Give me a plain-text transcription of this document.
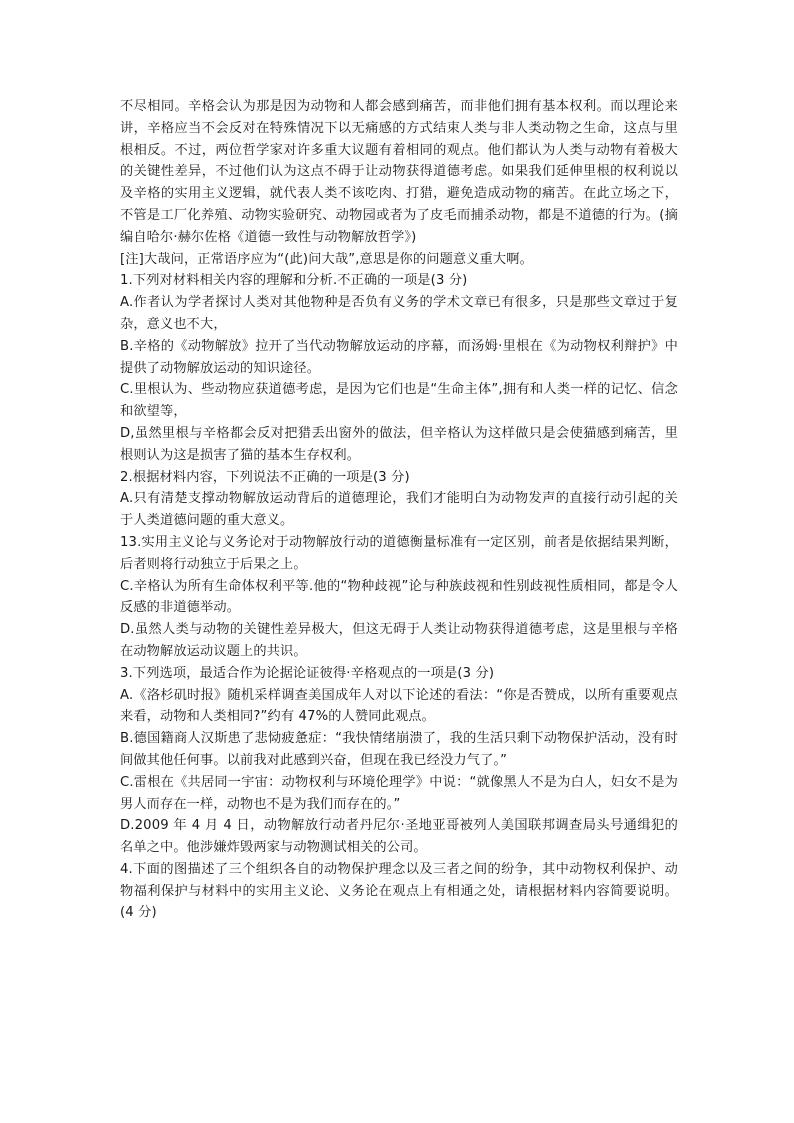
不尽相同。辛格会认为那是因为动物和人都会感到痛苦，而非他们拥有基本权利。而以理论来讲，辛格应当不会反对在特殊情况下以无痛感的方式结束人类与非人类动物之生命，这点与里根相反。不过，两位哲学家对许多重大议题有着相同的观点。他们都认为人类与动物有着极大的关键性差异，不过他们认为这点不碍于让动物获得道德考虑。如果我们延伸里根的权利说以及辛格的实用主义逻辑，就代表人类不该吃肉、打猎，避免造成动物的痛苦。在此立场之下，不管是工厂化养殖、动物实验研究、动物园或者为了皮毛而捕杀动物，都是不道德的行为。(摘编自哈尔·赫尔佐格《道德一致性与动物解放哲学》)

[注]大哉问，正常语序应为“(此)问大哉”,意思是你的问题意义重大啊。

1.下列对材料相关内容的理解和分析.不正确的一项是(3 分)

A.作者认为学者探讨人类对其他物种是否负有义务的学术文章已有很多，只是那些文章过于复杂，意义也不大，

B.辛格的《动物解放》拉开了当代动物解放运动的序幕，而汤姆·里根在《为动物权利辩护》中提供了动物解放运动的知识途径。

C.里根认为、些动物应获道德考虑，是因为它们也是“生命主体”,拥有和人类一样的记忆、信念和欲望等，

D,虽然里根与辛格都会反对把猎丢出窗外的做法，但辛格认为这样做只是会使猫感到痛苦，里根则认为这是损害了猫的基本生存权利。

2.根据材料内容，下列说法不正确的一项是(3 分)

A.只有清楚支撑动物解放运动背后的道德理论，我们才能明白为动物发声的直接行动引起的关于人类道德问题的重大意义。

13.实用主义论与义务论对于动物解放行动的道德衡量标准有一定区别，前者是依据结果判断，后者则将行动独立于后果之上。

C.辛格认为所有生命体权利平等.他的“物种歧视”论与种族歧视和性别歧视性质相同，都是令人反感的非道德举动。

D.虽然人类与动物的关键性差异极大，但这无碍于人类让动物获得道德考虑，这是里根与辛格在动物解放运动议题上的共识。

3.下列选项，最适合作为论据论证彼得·辛格观点的一项是(3 分)

A.《洛杉矶时报》随机采样调查美国成年人对以下论述的看法：“你是否赞成，以所有重要观点来看，动物和人类相同?”约有 47%的人赞同此观点。

B.德国籍商人汉斯患了悲恸疲惫症：“我快情绪崩溃了，我的生活只剩下动物保护活动，没有时间做其他任何事。以前我对此感到兴奋，但现在我已经没力气了。”

C.雷根在《共居同一宇宙：动物权利与环境伦理学》中说：“就像黑人不是为白人，妇女不是为男人而存在一样，动物也不是为我们而存在的。”

D.2009 年 4 月 4 日，动物解放行动者丹尼尔·圣地亚哥被列人美国联邦调查局头号通缉犯的名单之中。他涉嫌炸毁两家与动物测试相关的公司。

4.下面的图描述了三个组织各自的动物保护理念以及三者之间的纷争，其中动物权利保护、动物福利保护与材料中的实用主义论、义务论在观点上有相通之处，请根据材料内容简要说明。(4 分)
